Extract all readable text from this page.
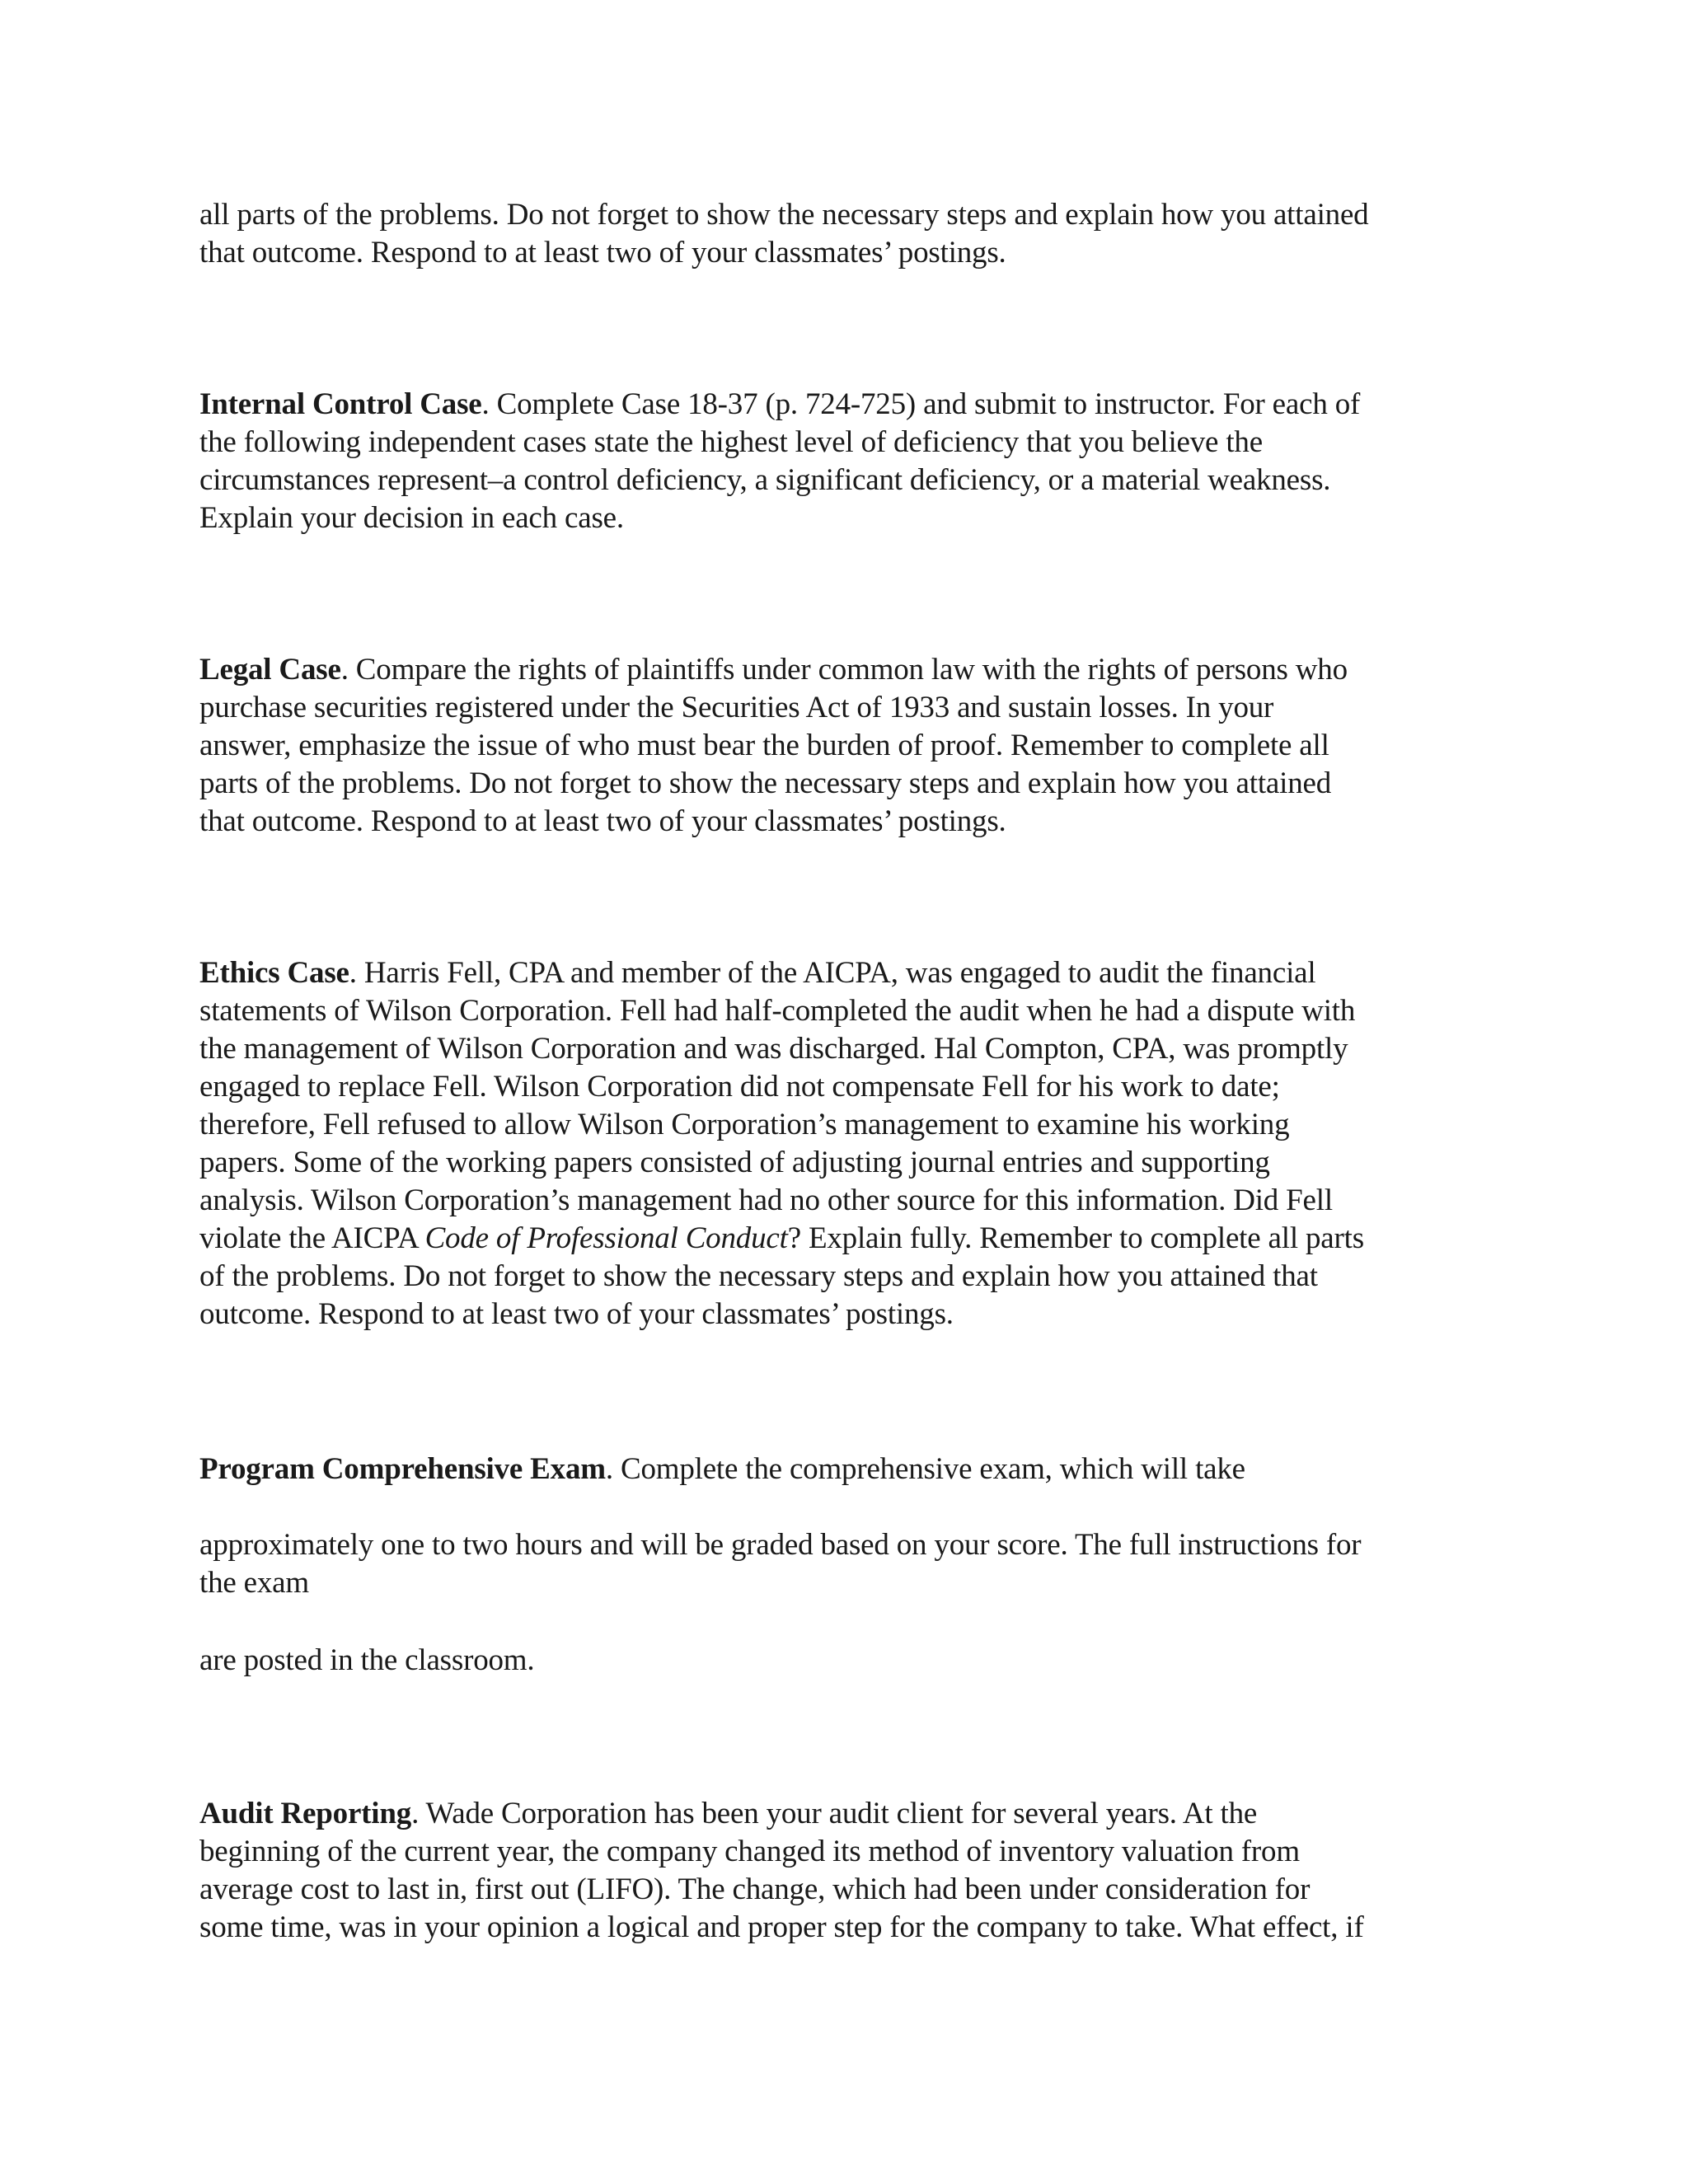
all parts of the problems. Do not forget to show the necessary steps and explain how you attained
that outcome. Respond to at least two of your classmates’ postings.
Internal Control Case. Complete Case 18-37 (p. 724-725) and submit to instructor. For each of
the following independent cases state the highest level of deficiency that you believe the
circumstances represent–a control deficiency, a significant deficiency, or a material weakness.
Explain your decision in each case.
Legal Case. Compare the rights of plaintiffs under common law with the rights of persons who
purchase securities registered under the Securities Act of 1933 and sustain losses. In your
answer, emphasize the issue of who must bear the burden of proof. Remember to complete all
parts of the problems. Do not forget to show the necessary steps and explain how you attained
that outcome. Respond to at least two of your classmates’ postings.
Ethics Case. Harris Fell, CPA and member of the AICPA, was engaged to audit the financial
statements of Wilson Corporation. Fell had half-completed the audit when he had a dispute with
the management of Wilson Corporation and was discharged. Hal Compton, CPA, was promptly
engaged to replace Fell. Wilson Corporation did not compensate Fell for his work to date;
therefore, Fell refused to allow Wilson Corporation’s management to examine his working
papers. Some of the working papers consisted of adjusting journal entries and supporting
analysis. Wilson Corporation’s management had no other source for this information. Did Fell
violate the AICPA Code of Professional Conduct? Explain fully. Remember to complete all parts
of the problems. Do not forget to show the necessary steps and explain how you attained that
outcome. Respond to at least two of your classmates’ postings.
Program Comprehensive Exam. Complete the comprehensive exam, which will take
approximately one to two hours and will be graded based on your score. The full instructions for
the exam
are posted in the classroom.
Audit Reporting. Wade Corporation has been your audit client for several years. At the
beginning of the current year, the company changed its method of inventory valuation from
average cost to last in, first out (LIFO). The change, which had been under consideration for
some time, was in your opinion a logical and proper step for the company to take. What effect, if
